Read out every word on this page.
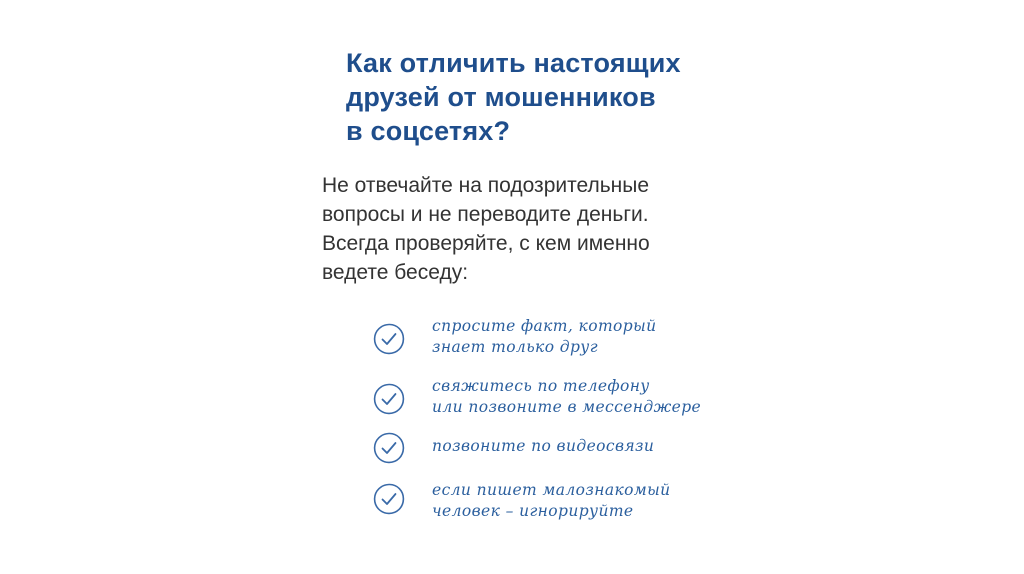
Как отличить настоящих
друзей от мошенников
в соцсетях?
Не отвечайте на подозрительные
вопросы и не переводите деньги.
Всегда проверяйте, с кем именно
ведете беседу:
спросите факт, который
знает только друг
свяжитесь по телефону
или позвоните в мессенджере
позвоните по видеосвязи
если пишет малознакомый
человек – игнорируйте
